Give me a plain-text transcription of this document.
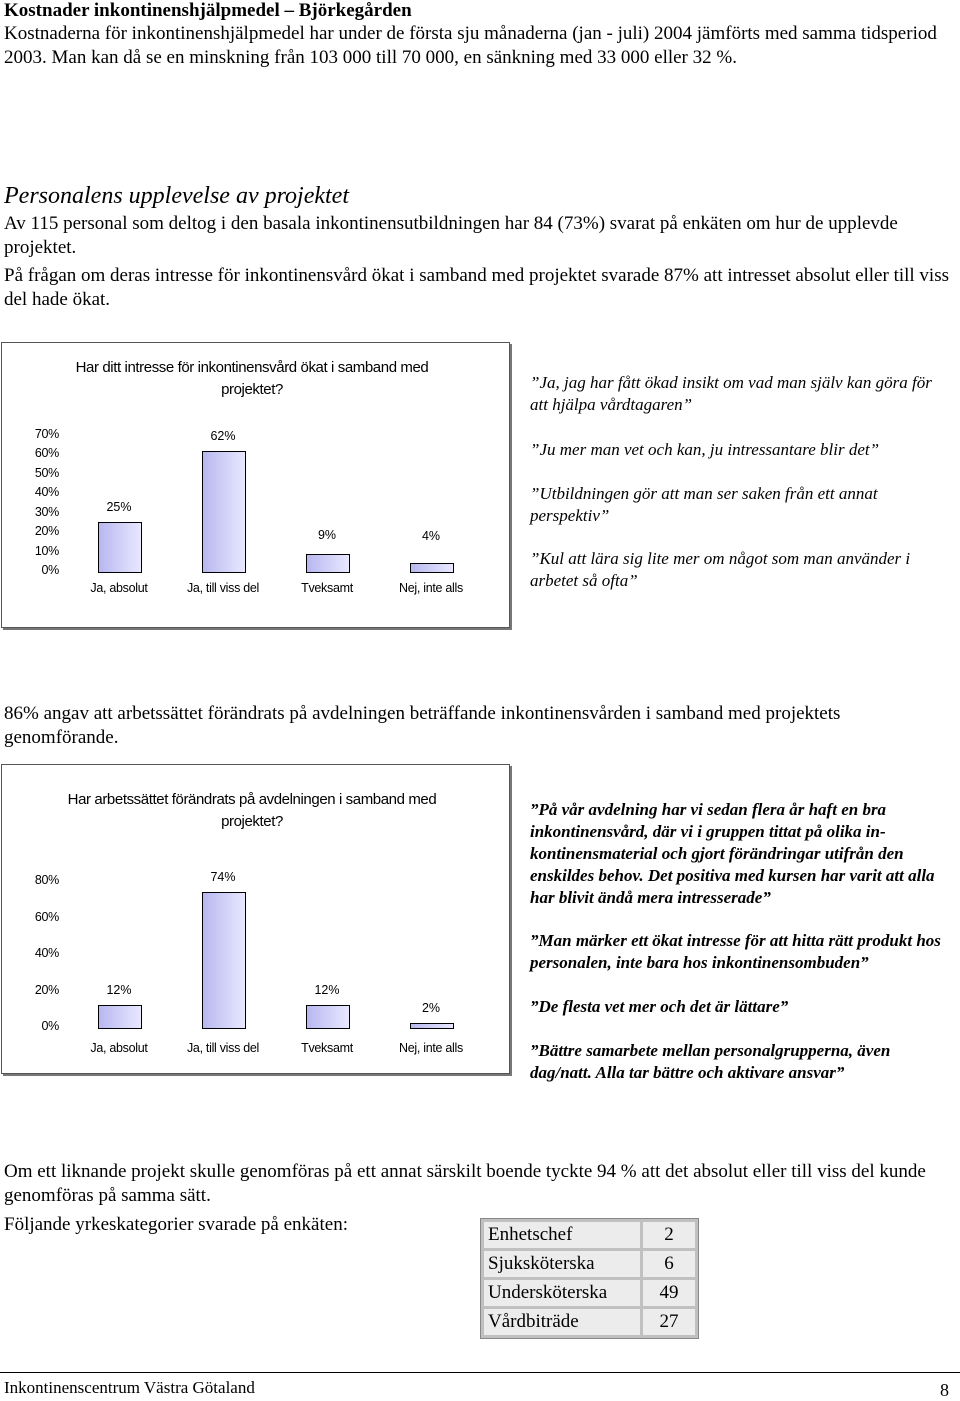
Kostnader inkontinenshjälpmedel – Björkegården
Kostnaderna för inkontinenshjälpmedel har under de första sju månaderna (jan - juli) 2004 jämförts med samma tidsperiod 2003. Man kan då se en minskning från 103 000 till 70 000, en sänkning med 33 000 eller 32 %.
Personalens upplevelse av projektet
Av 115 personal som deltog i den basala inkontinensutbildningen har 84 (73%) svarat på enkäten om hur de upplevde projektet.
På frågan om deras intresse för inkontinensvård ökat i samband med projektet svarade 87% att intresset absolut eller till viss del hade ökat.
Har ditt intresse för inkontinensvård ökat i samband med projektet?
0%
10%
20%
30%
40%
50%
60%
70%
25%
Ja, absolut
62%
Ja, till viss del
9%
Tveksamt
4%
Nej, inte alls
”Ja, jag har fått ökad insikt om vad man själv kan göra för att hjälpa vårdtagaren”
”Ju mer man vet och kan, ju intressantare blir det”
”Utbildningen gör att man ser saken från ett annat perspektiv”
”Kul att lära sig lite mer om något som man använder i arbetet så ofta”
86% angav att arbetssättet förändrats på avdelningen beträffande inkontinensvården i samband med projektets genomförande.
Har arbetssättet förändrats på avdelningen i samband med projektet?
0%
20%
40%
60%
80%
12%
Ja, absolut
74%
Ja, till viss del
12%
Tveksamt
2%
Nej, inte alls
”På vår avdelning har vi sedan flera år haft en bra inkontinensvård, där vi i gruppen tittat på olika in-kontinensmaterial och gjort förändringar utifrån den enskildes behov. Det positiva med kursen har varit att alla har blivit ändå mera intresserade”
”Man märker ett ökat intresse för att hitta rätt produkt hos personalen, inte bara hos inkontinensombuden”
”De flesta vet mer och det är lättare”
”Bättre samarbete mellan personalgrupperna, även dag/natt. Alla tar bättre och aktivare ansvar”
Om ett liknande projekt skulle genomföras på ett annat särskilt boende tyckte 94 % att det absolut eller till viss del kunde genomföras på samma sätt.
Följande yrkeskategorier svarade på enkäten:	Enhetschef	2
Sjuksköterska	6
Undersköterska	49
Vårdbiträde	27
Inkontinenscentrum Västra Götaland	8
